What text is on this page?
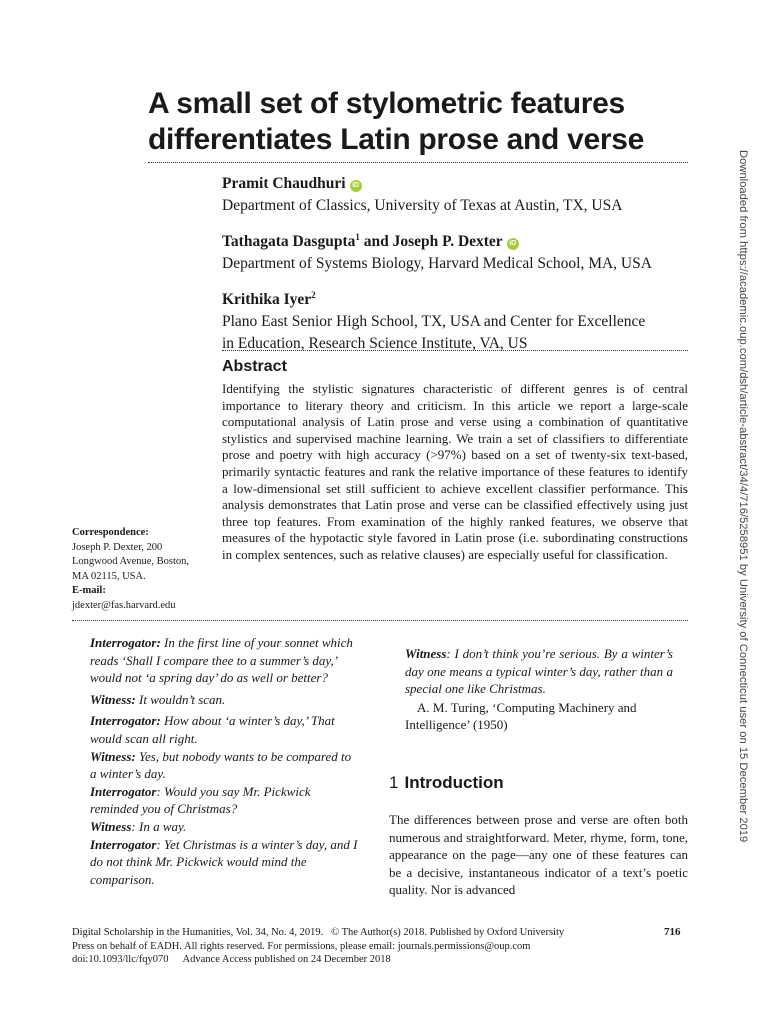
A small set of stylometric features
differentiates Latin prose and verse
Pramit Chaudhuri iD
Department of Classics, University of Texas at Austin, TX, USA
Tathagata Dasgupta$^1$ and Joseph P. Dexter iD
Department of Systems Biology, Harvard Medical School, MA, USA
Krithika Iyer$^2$
Plano East Senior High School, TX, USA and Center for Excellence
in Education, Research Science Institute, VA, US
Abstract
Identifying the stylistic signatures characteristic of different genres is of central importance to literary theory and criticism. In this article we report a large-scale computational analysis of Latin prose and verse using a combination of quantitative stylistics and supervised machine learning. We train a set of classifiers to differentiate prose and poetry with high accuracy (>97%) based on a set of twenty-six text-based, primarily syntactic features and rank the relative importance of these features to identify a low-dimensional set still sufficient to achieve excellent classifier performance. This analysis demonstrates that Latin prose and verse can be classified effectively using just three top features. From examination of the highly ranked features, we observe that measures of the hypotactic style favored in Latin prose (i.e. subordinating constructions in complex sentences, such as relative clauses) are especially useful for classification.
Correspondence:
Joseph P. Dexter, 200
Longwood Avenue, Boston,
MA 02115, USA.
E-mail:
jdexter@fas.harvard.edu

Interrogator: In the first line of your sonnet which reads ‘Shall I compare thee to a summer’s day,’ would not ‘a spring day’ do as well or better?

Witness: It wouldn’t scan.

Interrogator: How about ‘a winter’s day,’ That would scan all right.

Witness: Yes, but nobody wants to be compared to a winter’s day.

Interrogator: Would you say Mr. Pickwick reminded you of Christmas?

Witness: In a way.

Interrogator: Yet Christmas is a winter’s day, and I do not think Mr. Pickwick would mind the comparison.

Witness: I don’t think you’re serious. By a winter’s day one means a typical winter’s day, rather than a special one like Christmas.

A. M. Turing, ‘Computing Machinery and Intelligence’ (1950)
1 Introduction
The differences between prose and verse are often both numerous and straightforward. Meter, rhyme, form, tone, appearance on the page—any one of these features can be a decisive, instantaneous indicator of a text’s poetic quality. Nor is advanced
Digital Scholarship in the Humanities, Vol. 34, No. 4, 2019.   © The Author(s) 2018. Published by Oxford University
Press on behalf of EADH. All rights reserved. For permissions, please email: journals.permissions@oup.com
doi:10.1093/llc/fqy070 Advance Access published on 24 December 2018
716
Downloaded from https://academic.oup.com/dsh/article-abstract/34/4/716/5258951 by University of Connecticut user on 15 December 2019
